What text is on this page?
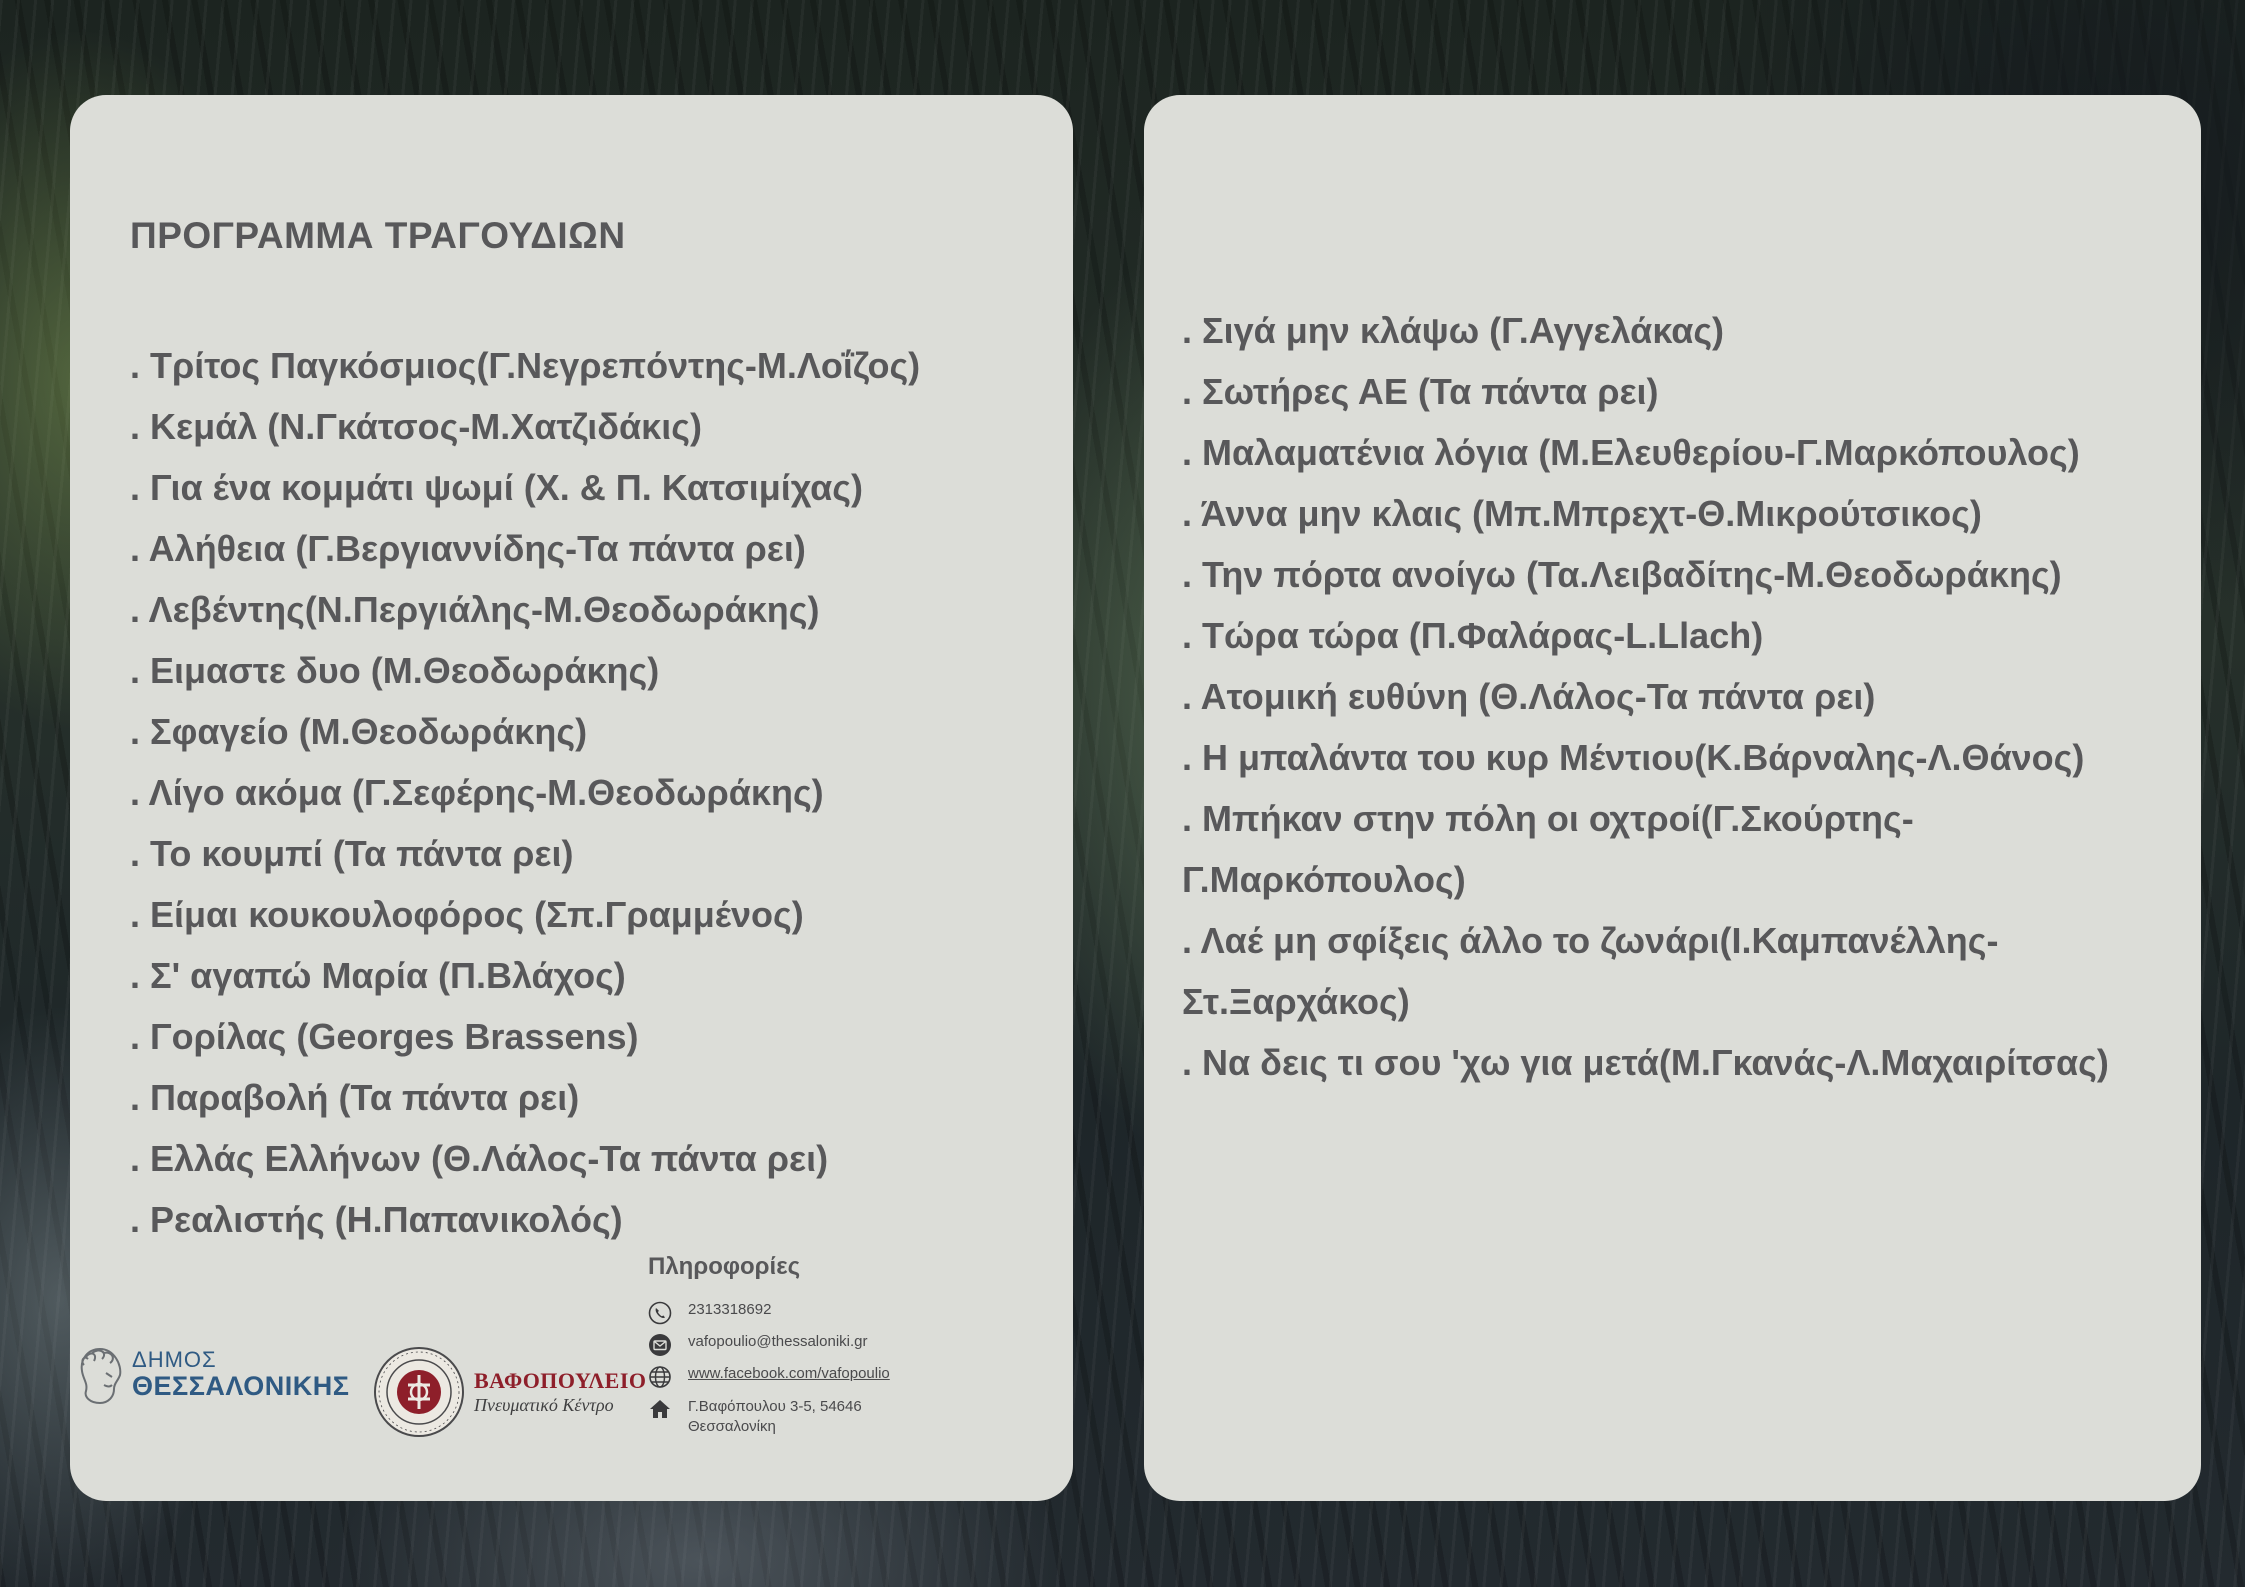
ΠΡΟΓΡΑΜΜΑ ΤΡΑΓΟΥΔΙΩΝ
. Τρίτος Παγκόσμιος(Γ.Νεγρεπόντης-Μ.Λοΐζος)
. Κεμάλ (Ν.Γκάτσος-Μ.Χατζιδάκις)
. Για ένα κομμάτι ψωμί (Χ. & Π. Κατσιμίχας)
. Αλήθεια (Γ.Βεργιαννίδης-Τα πάντα ρει)
. Λεβέντης(Ν.Περγιάλης-Μ.Θεοδωράκης)
. Ειμαστε δυο (Μ.Θεοδωράκης)
. Σφαγείο (Μ.Θεοδωράκης)
. Λίγο ακόμα (Γ.Σεφέρης-Μ.Θεοδωράκης)
. Το κουμπί (Τα πάντα ρει)
. Είμαι κουκουλοφόρος (Σπ.Γραμμένος)
. Σ' αγαπώ Μαρία (Π.Βλάχος)
. Γορίλας (Georges Brassens)
. Παραβολή (Τα πάντα ρει)
. Ελλάς Ελλήνων (Θ.Λάλος-Τα πάντα ρει)
. Ρεαλιστής (Η.Παπανικολός)
ΔΗΜΟΣ
ΘΕΣΣΑΛΟΝΙΚΗΣ	ΒΑΦΟΠΟΥΛΕΙΟ
Πνευματικό Κέντρο
Πληροφορίες
2313318692
vafopoulio@thessaloniki.gr
www.facebook.com/vafopoulio
Γ.Βαφόπουλου 3-5, 54646
Θεσσαλονίκη
. Σιγά μην κλάψω (Γ.Αγγελάκας)
. Σωτήρες ΑΕ (Τα πάντα ρει)
. Μαλαματένια λόγια (Μ.Ελευθερίου-Γ.Μαρκόπουλος)
. Άννα μην κλαις (Μπ.Μπρεχτ-Θ.Μικρούτσικος)
. Την πόρτα ανοίγω (Τα.Λειβαδίτης-Μ.Θεοδωράκης)
. Τώρα τώρα (Π.Φαλάρας-L.Llach)
. Ατομική ευθύνη (Θ.Λάλος-Τα πάντα ρει)
. Η μπαλάντα του κυρ Μέντιου(Κ.Βάρναλης-Λ.Θάνος)
. Μπήκαν στην πόλη οι οχτροί(Γ.Σκούρτης-Γ.Μαρκόπουλος)
. Λαέ μη σφίξεις άλλο το ζωνάρι(Ι.Καμπανέλλης-Στ.Ξαρχάκος)
. Να δεις τι σου 'χω για μετά(Μ.Γκανάς-Λ.Μαχαιρίτσας)
